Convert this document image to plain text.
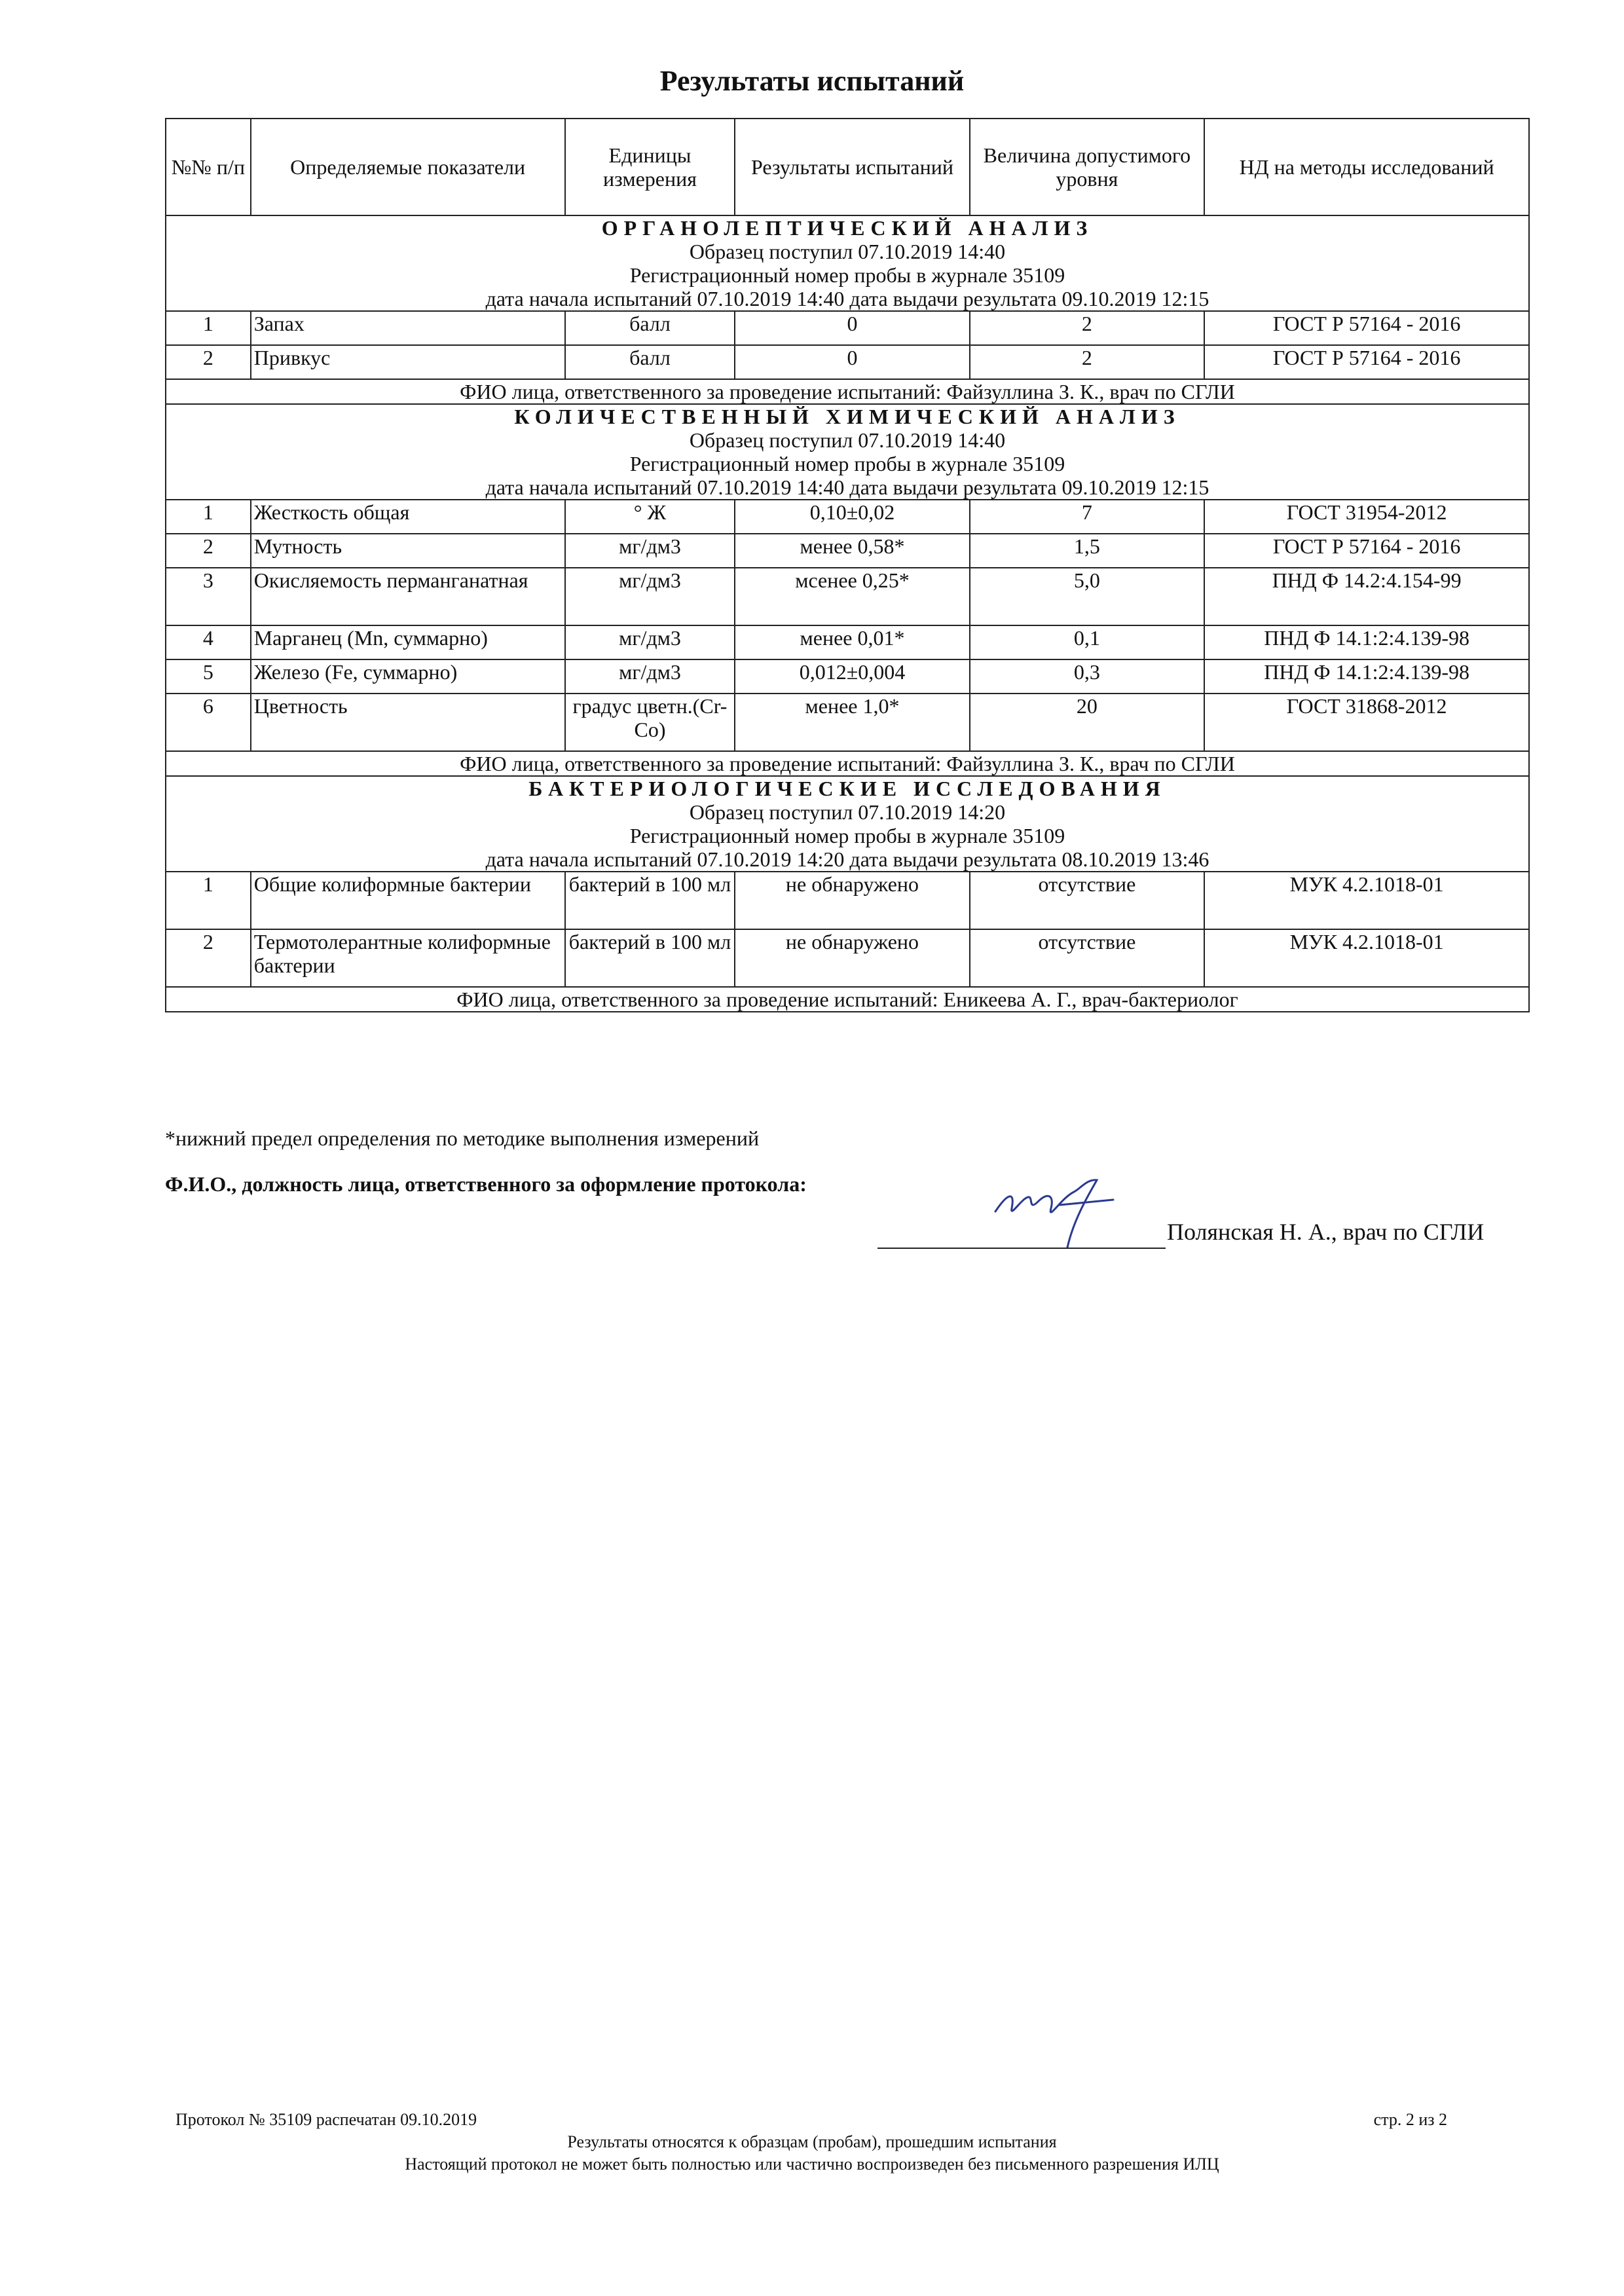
Результаты испытаний
№№ п/п	Определяемые показатели	Единицы измерения	Результаты испытаний	Величина допустимого уровня	НД на методы исследований

ОРГАНОЛЕПТИЧЕСКИЙ АНАЛИЗ
Образец поступил 07.10.2019 14:40
Регистрационный номер пробы в журнале 35109
дата начала испытаний 07.10.2019 14:40 дата выдачи результата 09.10.2019 12:15					

1	Запах	балл	0	2	ГОСТ Р 57164 - 2016
2	Привкус	балл	0	2	ГОСТ Р 57164 - 2016
ФИО лица, ответственного за проведение испытаний: Файзуллина З. К., врач по СГЛИ					

КОЛИЧЕСТВЕННЫЙ ХИМИЧЕСКИЙ АНАЛИЗ
Образец поступил 07.10.2019 14:40
Регистрационный номер пробы в журнале 35109
дата начала испытаний 07.10.2019 14:40 дата выдачи результата 09.10.2019 12:15					

1	Жесткость общая	° Ж	0,10±0,02	7	ГОСТ 31954-2012
2	Мутность	мг/дм3	менее 0,58*	1,5	ГОСТ Р 57164 - 2016
3	Окисляемость перманганатная	мг/дм3	мсенее 0,25*	5,0	ПНД Ф 14.2:4.154-99
4	Марганец (Mn, суммарно)	мг/дм3	менее 0,01*	0,1	ПНД Ф 14.1:2:4.139-98
5	Железо (Fe, суммарно)	мг/дм3	0,012±0,004	0,3	ПНД Ф 14.1:2:4.139-98
6	Цветность	градус цветн.(Cr-Co)	менее 1,0*	20	ГОСТ 31868-2012
ФИО лица, ответственного за проведение испытаний: Файзуллина З. К., врач по СГЛИ					

БАКТЕРИОЛОГИЧЕСКИЕ ИССЛЕДОВАНИЯ
Образец поступил 07.10.2019 14:20
Регистрационный номер пробы в журнале 35109
дата начала испытаний 07.10.2019 14:20 дата выдачи результата 08.10.2019 13:46					

1	Общие колиформные бактерии	бактерий в 100 мл	не обнаружено	отсутствие	МУК 4.2.1018-01
2	Термотолерантные колиформные бактерии	бактерий в 100 мл	не обнаружено	отсутствие	МУК 4.2.1018-01
ФИО лица, ответственного за проведение испытаний: Еникеева А. Г., врач-бактериолог					
*нижний предел определения по методике выполнения измерений
Ф.И.О., должность лица, ответственного за оформление протокола:
Полянская Н. А., врач по СГЛИ
Протокол № 35109 распечатан 09.10.2019	стр. 2 из 2
Результаты относятся к образцам (пробам), прошедшим испытания
Настоящий протокол не может быть полностью или частично воспроизведен без письменного разрешения ИЛЦ
